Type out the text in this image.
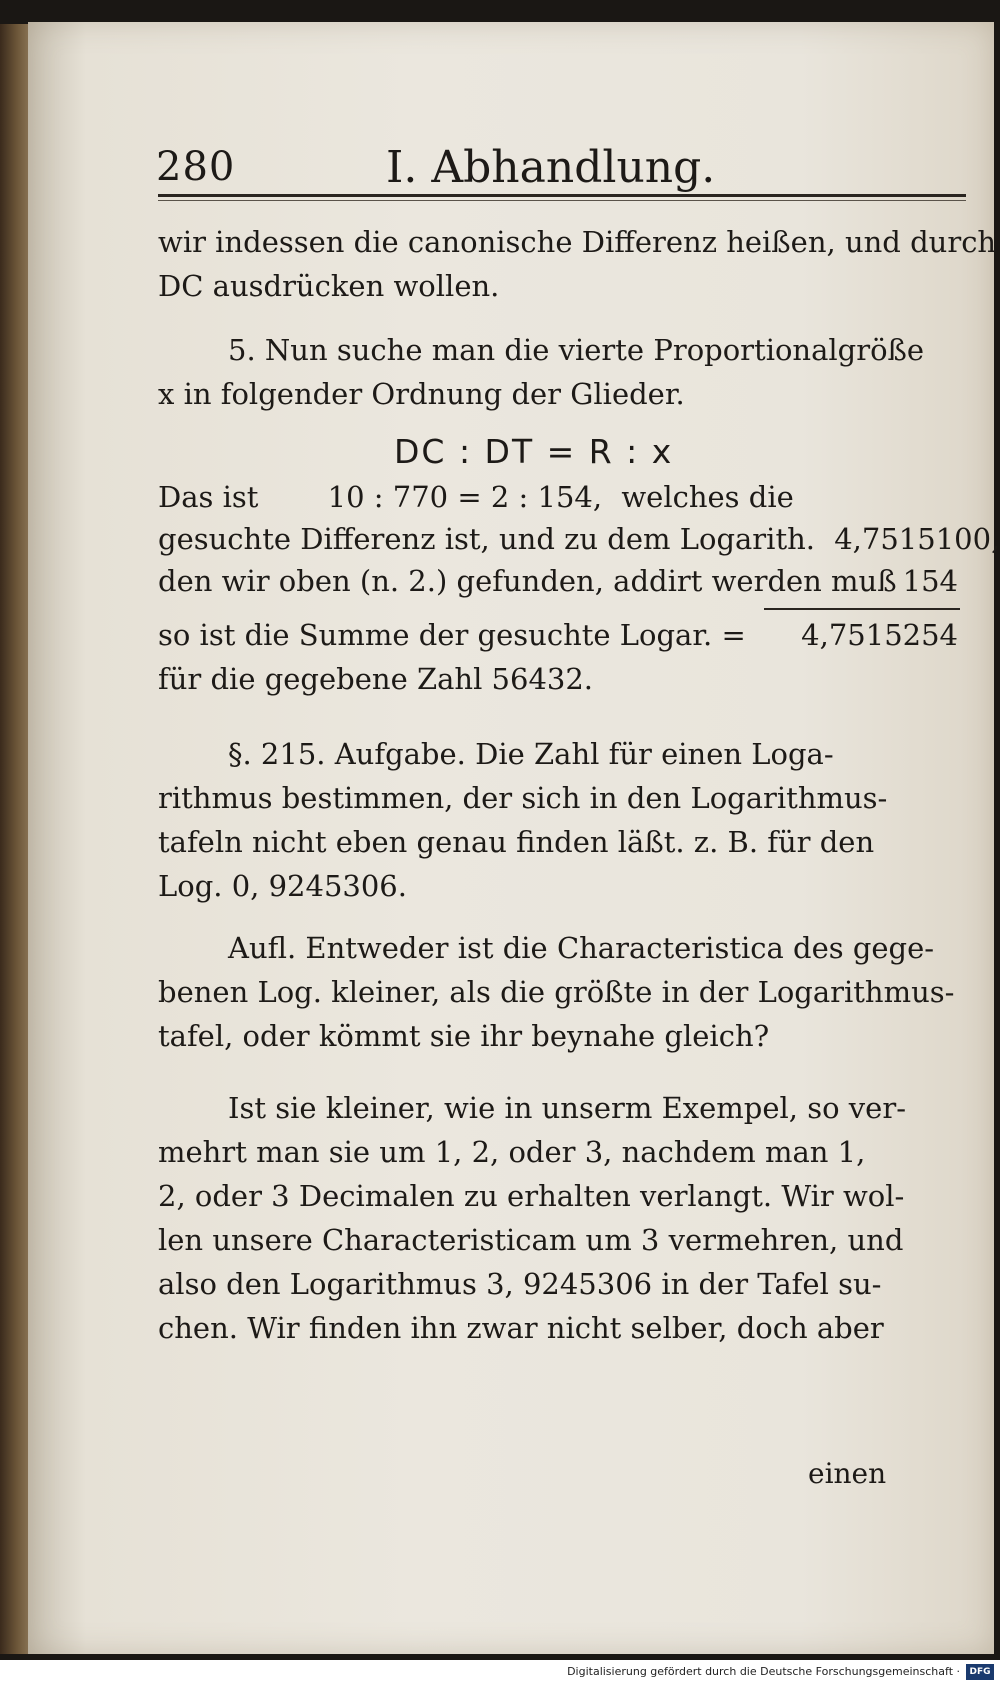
280	I. Abhandlung.
wir indessen die canonische Differenz heißen, und durch
DC ausdrücken wollen.
5. Nun suche man die vierte Proportionalgröße
x in folgender Ordnung der Glieder.
DC : DT = R : x
Das ist 10 : 770 = 2 : 154, welches die
gesuchte Differenz ist, und zu dem Logarith. 4,7515100,
den wir oben (n. 2.) gefunden, addirt werden muß 154
so ist die Summe der gesuchte Logar. = 4,7515254
für die gegebene Zahl 56432.
§. 215. Aufgabe. Die Zahl für einen Loga-
rithmus bestimmen, der sich in den Logarithmus-
tafeln nicht eben genau finden läßt. z. B. für den
Log. 0, 9245306.
Aufl. Entweder ist die Characteristica des gege-
benen Log. kleiner, als die größte in der Logarithmus-
tafel, oder kömmt sie ihr beynahe gleich?
Ist sie kleiner, wie in unserm Exempel, so ver-
mehrt man sie um 1, 2, oder 3, nachdem man 1,
2, oder 3 Decimalen zu erhalten verlangt. Wir wol-
len unsere Characteristicam um 3 vermehren, und
also den Logarithmus 3, 9245306 in der Tafel su-
chen. Wir finden ihn zwar nicht selber, doch aber
einen
Digitalisierung gefördert durch die Deutsche Forschungsgemeinschaft ·	DFG
